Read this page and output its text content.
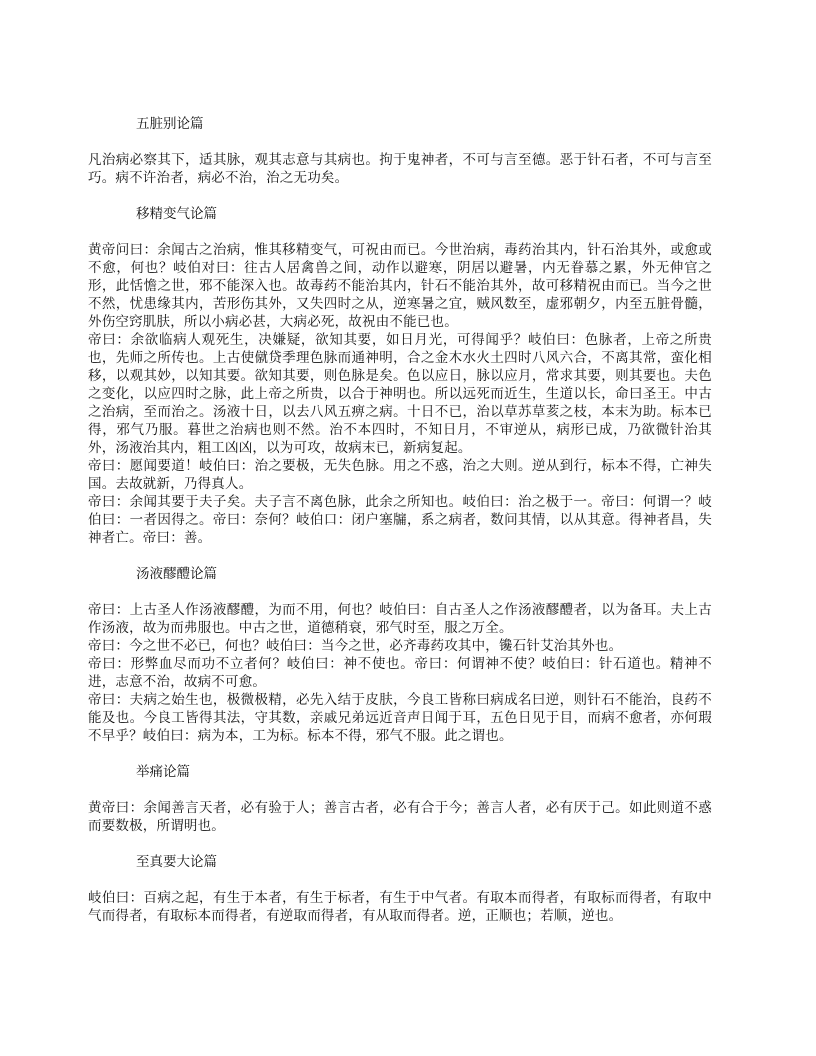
五脏别论篇

凡治病必察其下，适其脉，观其志意与其病也。拘于鬼神者，不可与言至德。恶于针石者，不可与言至巧。病不许治者，病必不治，治之无功矣。

移精变气论篇

黄帝问曰：余闻古之治病，惟其移精变气，可祝由而已。今世治病，毒药治其内，针石治其外，或愈或不愈，何也？岐伯对曰：往古人居禽兽之间，动作以避寒，阴居以避暑，内无眷慕之累，外无伸官之形，此恬憺之世，邪不能深入也。故毒药不能治其内，针石不能治其外，故可移精祝由而已。当今之世不然，忧患缘其内，苦形伤其外，又失四时之从，逆寒暑之宜，贼风数至，虚邪朝夕，内至五脏骨髓，外伤空窍肌肤，所以小病必甚，大病必死，故祝由不能已也。

帝曰：余欲临病人观死生，决嫌疑，欲知其要，如日月光，可得闻乎？岐伯曰：色脉者，上帝之所贵也，先师之所传也。上古使僦贷季理色脉而通神明，合之金木水火土四时八风六合，不离其常，蛮化相移，以观其妙，以知其要。欲知其要，则色脉是矣。色以应日，脉以应月，常求其要，则其要也。夫色之变化，以应四时之脉，此上帝之所贵，以合于神明也。所以远死而近生，生道以长，命曰圣王。中古之治病，至而治之。汤液十日，以去八风五痹之病。十日不已，治以草苏草荄之枝，本末为助。标本已得，邪气乃服。暮世之治病也则不然。治不本四时，不知日月，不审逆从，病形已成，乃欲微针治其外，汤液治其内，粗工凶凶，以为可攻，故病末已，新病复起。

帝曰：愿闻要道！岐伯曰：治之要极，无失色脉。用之不惑，治之大则。逆从到行，标本不得，亡神失国。去故就新，乃得真人。

帝曰：余闻其要于夫子矣。夫子言不离色脉，此余之所知也。岐伯曰：治之极于一。帝曰：何谓一？岐伯曰：一者因得之。帝曰：奈何？岐伯口：闭户塞牖，系之病者，数问其情，以从其意。得神者昌，失神者亡。帝曰：善。

汤液醪醴论篇

帝曰：上古圣人作汤液醪醴，为而不用，何也？岐伯曰：自古圣人之作汤液醪醴者，以为备耳。夫上古作汤液，故为而弗服也。中古之世，道德稍衰，邪气时至，服之万全。

帝曰：今之世不必已，何也？岐伯曰：当今之世，必齐毒药攻其中，镵石针艾治其外也。

帝曰：形弊血尽而功不立者何？岐伯曰：神不使也。帝曰：何谓神不使？岐伯曰：针石道也。精神不进，志意不治，故病不可愈。

帝曰：夫病之始生也，极微极精，必先入结于皮肤，今良工皆称曰病成名曰逆，则针石不能治，良药不能及也。今良工皆得其法，守其数，亲戚兄弟远近音声日闻于耳，五色日见于目，而病不愈者，亦何瑕不早乎？岐伯曰：病为本，工为标。标本不得，邪气不服。此之谓也。

举痛论篇

黄帝曰：余闻善言天者，必有验于人；善言古者，必有合于今；善言人者，必有厌于己。如此则道不惑而要数极，所谓明也。

至真要大论篇

岐伯曰：百病之起，有生于本者，有生于标者，有生于中气者。有取本而得者，有取标而得者，有取中气而得者，有取标本而得者，有逆取而得者，有从取而得者。逆，正顺也；若顺，逆也。
